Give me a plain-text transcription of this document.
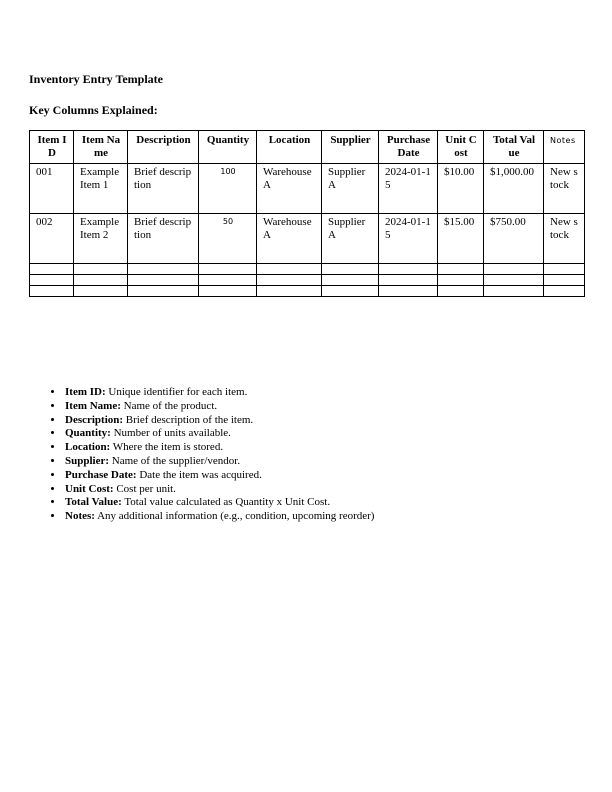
Inventory Entry Template
Key Columns Explained:
Item ID	Item Name	Description	Quantity	Location	Supplier	Purchase Date	Unit Cost	Total Value	Notes
001	Example Item 1	Brief description	100	Warehouse A	Supplier A	2024-01-15	$10.00	$1,000.00	New stock
002	Example Item 2	Brief description	50	Warehouse A	Supplier A	2024-01-15	$15.00	$750.00	New stock

• Item ID: Unique identifier for each item.
• Item Name: Name of the product.
• Description: Brief description of the item.
• Quantity: Number of units available.
• Location: Where the item is stored.
• Supplier: Name of the supplier/vendor.
• Purchase Date: Date the item was acquired.
• Unit Cost: Cost per unit.
• Total Value: Total value calculated as Quantity x Unit Cost.
• Notes: Any additional information (e.g., condition, upcoming reorder)
